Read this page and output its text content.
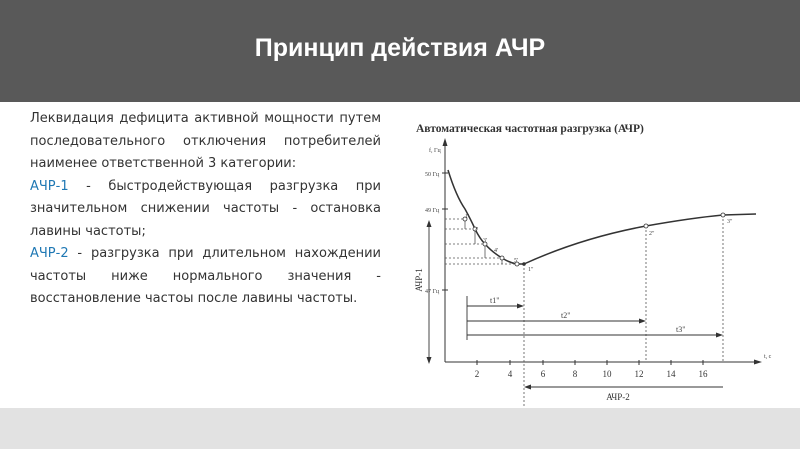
Принцип действия АЧР

Леквидация дефицита активной мощности путем последовательного отключения потребителей наименее ответственной 3 категории:

АЧР-1 - быстродействующая разгрузка при значительном снижении частоты - остановка лавины частоты;

АЧР-2 - разгрузка при длительном нахождении частоты ниже нормального значения - восстановление частоы после лавины частоты.

Автоматическая частотная разгрузка (АЧР)
f, Гц
t, c
50 Гц
49 Гц
47 Гц
2	4	6	8	10	12	14	16
1'
2'
3'
4'
5'
1"
2"
3"
t1"
t2"
t3"
АЧР-1
АЧР-2
